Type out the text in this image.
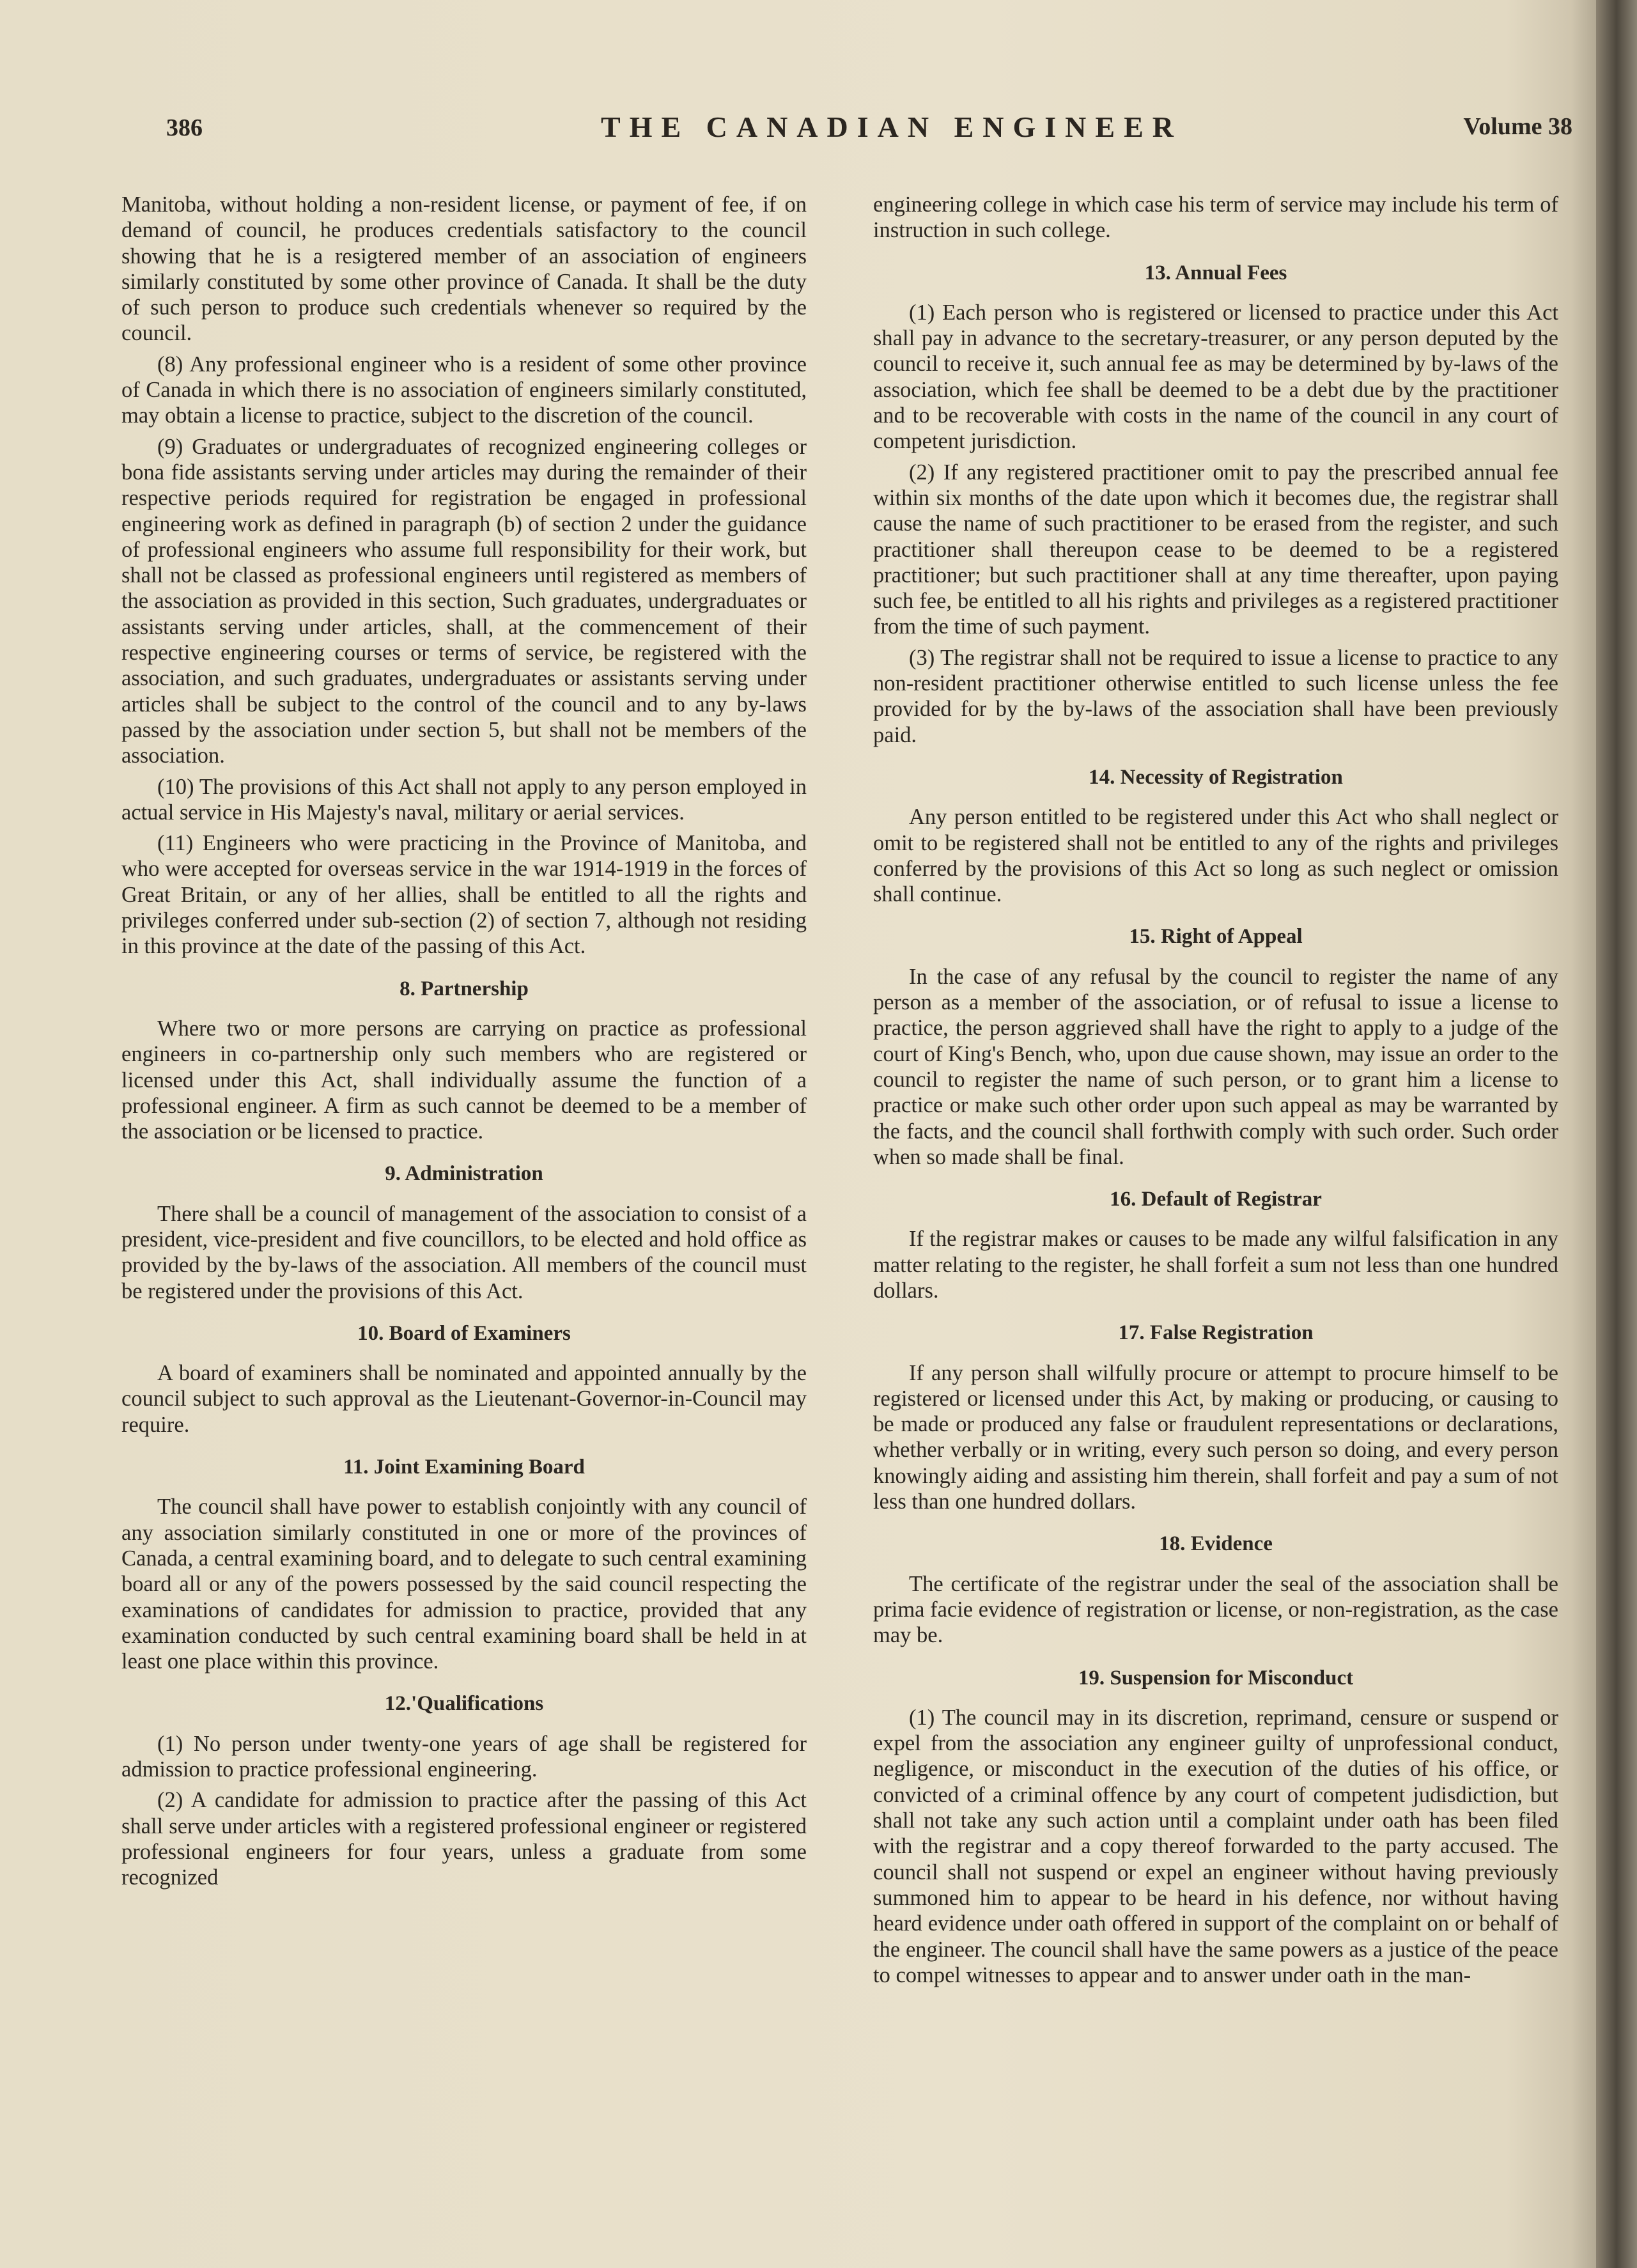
386	THE CANADIAN ENGINEER	Volume 38

Manitoba, without holding a non-resident license, or payment of fee, if on demand of council, he produces credentials satisfactory to the council showing that he is a resigtered member of an association of engineers similarly constituted by some other province of Canada. It shall be the duty of such person to produce such credentials whenever so required by the council.

(8) Any professional engineer who is a resident of some other province of Canada in which there is no association of engineers similarly constituted, may obtain a license to practice, subject to the discretion of the council.

(9) Graduates or undergraduates of recognized engineering colleges or bona fide assistants serving under articles may during the remainder of their respective periods required for registration be engaged in professional engineering work as defined in paragraph (b) of section 2 under the guidance of professional engineers who assume full responsibility for their work, but shall not be classed as professional engineers until registered as members of the association as provided in this section, Such graduates, undergraduates or assistants serving under articles, shall, at the commencement of their respective engineering courses or terms of service, be registered with the association, and such graduates, undergraduates or assistants serving under articles shall be subject to the control of the council and to any by-laws passed by the association under section 5, but shall not be members of the association.

(10) The provisions of this Act shall not apply to any person employed in actual service in His Majesty's naval, military or aerial services.

(11) Engineers who were practicing in the Province of Manitoba, and who were accepted for overseas service in the war 1914-1919 in the forces of Great Britain, or any of her allies, shall be entitled to all the rights and privileges conferred under sub-section (2) of section 7, although not residing in this province at the date of the passing of this Act.

8. Partnership

Where two or more persons are carrying on practice as professional engineers in co-partnership only such members who are registered or licensed under this Act, shall individually assume the function of a professional engineer. A firm as such cannot be deemed to be a member of the association or be licensed to practice.

9. Administration

There shall be a council of management of the association to consist of a president, vice-president and five councillors, to be elected and hold office as provided by the by-laws of the association. All members of the council must be registered under the provisions of this Act.

10. Board of Examiners

A board of examiners shall be nominated and appointed annually by the council subject to such approval as the Lieutenant-Governor-in-Council may require.

11. Joint Examining Board

The council shall have power to establish conjointly with any council of any association similarly constituted in one or more of the provinces of Canada, a central examining board, and to delegate to such central examining board all or any of the powers possessed by the said council respecting the examinations of candidates for admission to practice, provided that any examination conducted by such central examining board shall be held in at least one place within this province.

12.'Qualifications

(1) No person under twenty-one years of age shall be registered for admission to practice professional engineering.

(2) A candidate for admission to practice after the passing of this Act shall serve under articles with a registered professional engineer or registered professional engineers for four years, unless a graduate from some recognized

engineering college in which case his term of service may include his term of instruction in such college.

13. Annual Fees

(1) Each person who is registered or licensed to practice under this Act shall pay in advance to the secretary-treasurer, or any person deputed by the council to receive it, such annual fee as may be determined by by-laws of the association, which fee shall be deemed to be a debt due by the practitioner and to be recoverable with costs in the name of the council in any court of competent jurisdiction.

(2) If any registered practitioner omit to pay the prescribed annual fee within six months of the date upon which it becomes due, the registrar shall cause the name of such practitioner to be erased from the register, and such practitioner shall thereupon cease to be deemed to be a registered practitioner; but such practitioner shall at any time thereafter, upon paying such fee, be entitled to all his rights and privileges as a registered practitioner from the time of such payment.

(3) The registrar shall not be required to issue a license to practice to any non-resident practitioner otherwise entitled to such license unless the fee provided for by the by-laws of the association shall have been previously paid.

14. Necessity of Registration

Any person entitled to be registered under this Act who shall neglect or omit to be registered shall not be entitled to any of the rights and privileges conferred by the provisions of this Act so long as such neglect or omission shall continue.

15. Right of Appeal

In the case of any refusal by the council to register the name of any person as a member of the association, or of refusal to issue a license to practice, the person aggrieved shall have the right to apply to a judge of the court of King's Bench, who, upon due cause shown, may issue an order to the council to register the name of such person, or to grant him a license to practice or make such other order upon such appeal as may be warranted by the facts, and the council shall forthwith comply with such order. Such order when so made shall be final.

16. Default of Registrar

If the registrar makes or causes to be made any wilful falsification in any matter relating to the register, he shall forfeit a sum not less than one hundred dollars.

17. False Registration

If any person shall wilfully procure or attempt to procure himself to be registered or licensed under this Act, by making or producing, or causing to be made or produced any false or fraudulent representations or declarations, whether verbally or in writing, every such person so doing, and every person knowingly aiding and assisting him therein, shall forfeit and pay a sum of not less than one hundred dollars.

18. Evidence

The certificate of the registrar under the seal of the association shall be prima facie evidence of registration or license, or non-registration, as the case may be.

19. Suspension for Misconduct

(1) The council may in its discretion, reprimand, censure or suspend or expel from the association any engineer guilty of unprofessional conduct, negligence, or misconduct in the execution of the duties of his office, or convicted of a criminal offence by any court of competent judisdiction, but shall not take any such action until a complaint under oath has been filed with the registrar and a copy thereof forwarded to the party accused. The council shall not suspend or expel an engineer without having previously summoned him to appear to be heard in his defence, nor without having heard evidence under oath offered in support of the complaint on or behalf of the engineer. The council shall have the same powers as a justice of the peace to compel witnesses to appear and to answer under oath in the man-
